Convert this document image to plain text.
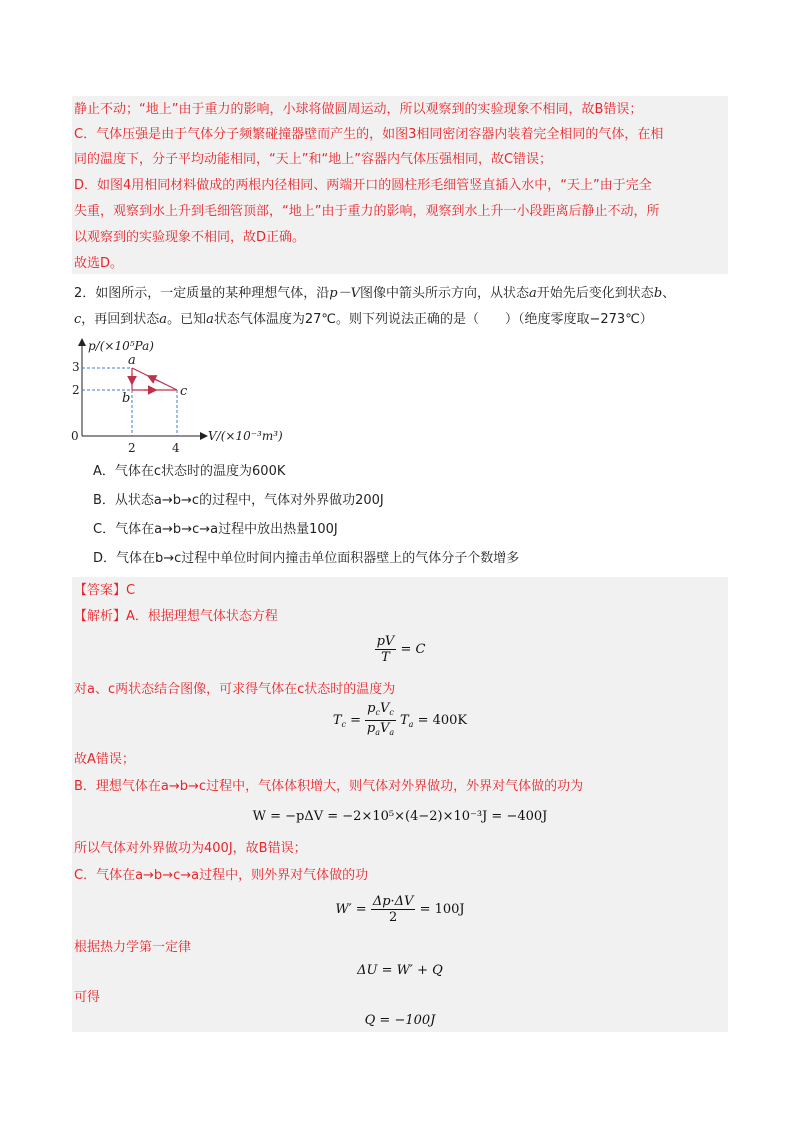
静止不动；“地上”由于重力的影响，小球将做圆周运动，所以观察到的实验现象不相同，故B错误；
C．气体压强是由于气体分子频繁碰撞器壁而产生的，如图3相同密闭容器内装着完全相同的气体，在相
同的温度下，分子平均动能相同，“天上”和“地上”容器内气体压强相同，故C错误；
D．如图4用相同材料做成的两根内径相同、两端开口的圆柱形毛细管竖直插入水中，“天上”由于完全
失重，观察到水上升到毛细管顶部，“地上”由于重力的影响，观察到水上升一小段距离后静止不动，所
以观察到的实验现象不相同，故D正确。
故选D。
2．如图所示，一定质量的某种理想气体，沿p－V图像中箭头所示方向，从状态a开始先后变化到状态b、
c，再回到状态a。已知a状态气体温度为27℃。则下列说法正确的是（　　）（绝度零度取−273℃）
p/(×10⁵Pa)
V/(×10⁻³m³)
0
3
2
2	4
a
b	c
A．气体在c状态时的温度为600K
B．从状态a→b→c的过程中，气体对外界做功200J
C．气体在a→b→c→a过程中放出热量100J
D．气体在b→c过程中单位时间内撞击单位面积器壁上的气体分子个数增多
【答案】C
【解析】A．根据理想气体状态方程
$\frac{pV}{T} = C$
对a、c两状态结合图像，可求得气体在c状态时的温度为
$T_c = \frac{p_cV_c}{p_aV_a} T_a = 400K$
故A错误；
B．理想气体在a→b→c过程中，气体体积增大，则气体对外界做功，外界对气体做的功为
W = −pΔV = −2×10⁵×(4−2)×10⁻³J = −400J
所以气体对外界做功为400J，故B错误；
C．气体在a→b→c→a过程中，则外界对气体做的功
$W' = \frac{\Delta p\cdot\Delta V}{2} = 100J$
根据热力学第一定律
ΔU = W′ + Q
可得
Q = −100J
